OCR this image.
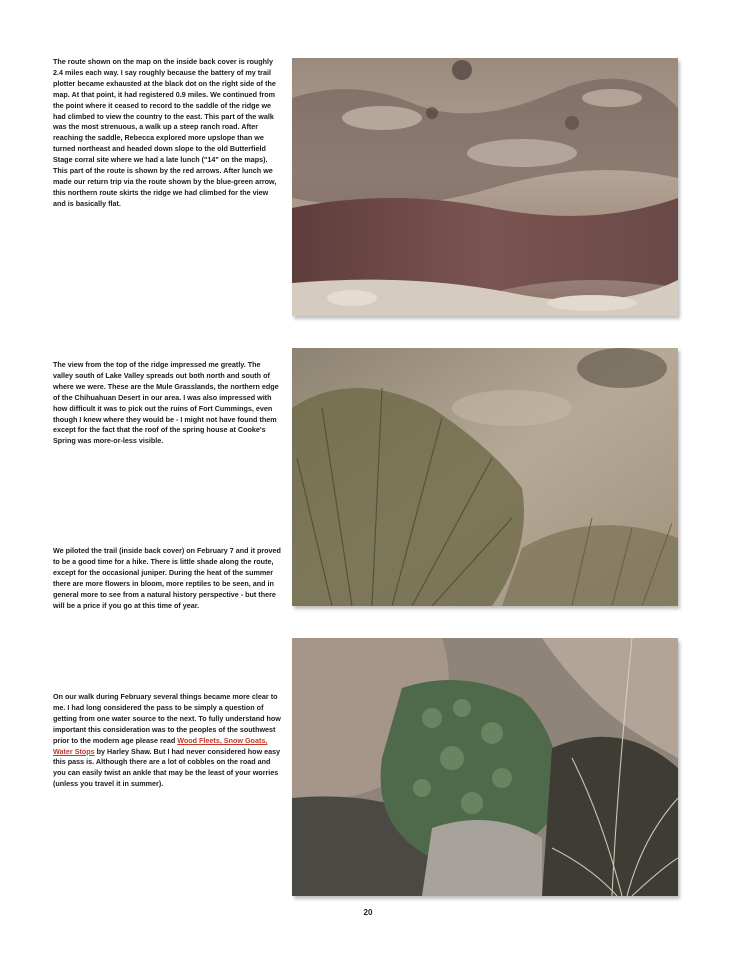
The route shown on the map on the inside back cover is roughly 2.4 miles each way. I say roughly because the battery of my trail plotter became exhausted at the black dot on the right side of the map. At that point, it had registered 0.9 miles. We continued from the point where it ceased to record to the saddle of the ridge we had climbed to view the country to the east. This part of the walk was the most strenuous, a walk up a steep ranch road. After reaching the saddle, Rebecca explored more upslope than we turned northeast and headed down slope to the old Butterfield Stage corral site where we had a late lunch ("14" on the maps). This part of the route is shown by the red arrows. After lunch we made our return trip via the route shown by the blue-green arrow, this northern route skirts the ridge we had climbed for the view and is basically flat.

The view from the top of the ridge impressed me greatly. The valley south of Lake Valley spreads out both north and south of where we were. These are the Mule Grasslands, the northern edge of the Chihuahuan Desert in our area. I was also impressed with how difficult it was to pick out the ruins of Fort Cummings, even though I knew where they would be - I might not have found them except for the fact that the roof of the spring house at Cooke's Spring was more-or-less visible.

We piloted the trail (inside back cover) on February 7 and it proved to be a good time for a hike. There is little shade along the route, except for the occasional juniper. During the heat of the summer there are more flowers in bloom, more reptiles to be seen, and in general more to see from a natural history perspective - but there will be a price if you go at this time of year.

On our walk during February several things became more clear to me. I had long considered the pass to be simply a question of getting from one water source to the next. To fully understand how important this consideration was to the peoples of the southwest prior to the modern age please read Wood Fleets, Snow Goats, Water Stops by Harley Shaw. But I had never considered how easy this pass is. Although there are a lot of cobbles on the road and you can easily twist an ankle that may be the least of your worries (unless you travel it in summer).

20
